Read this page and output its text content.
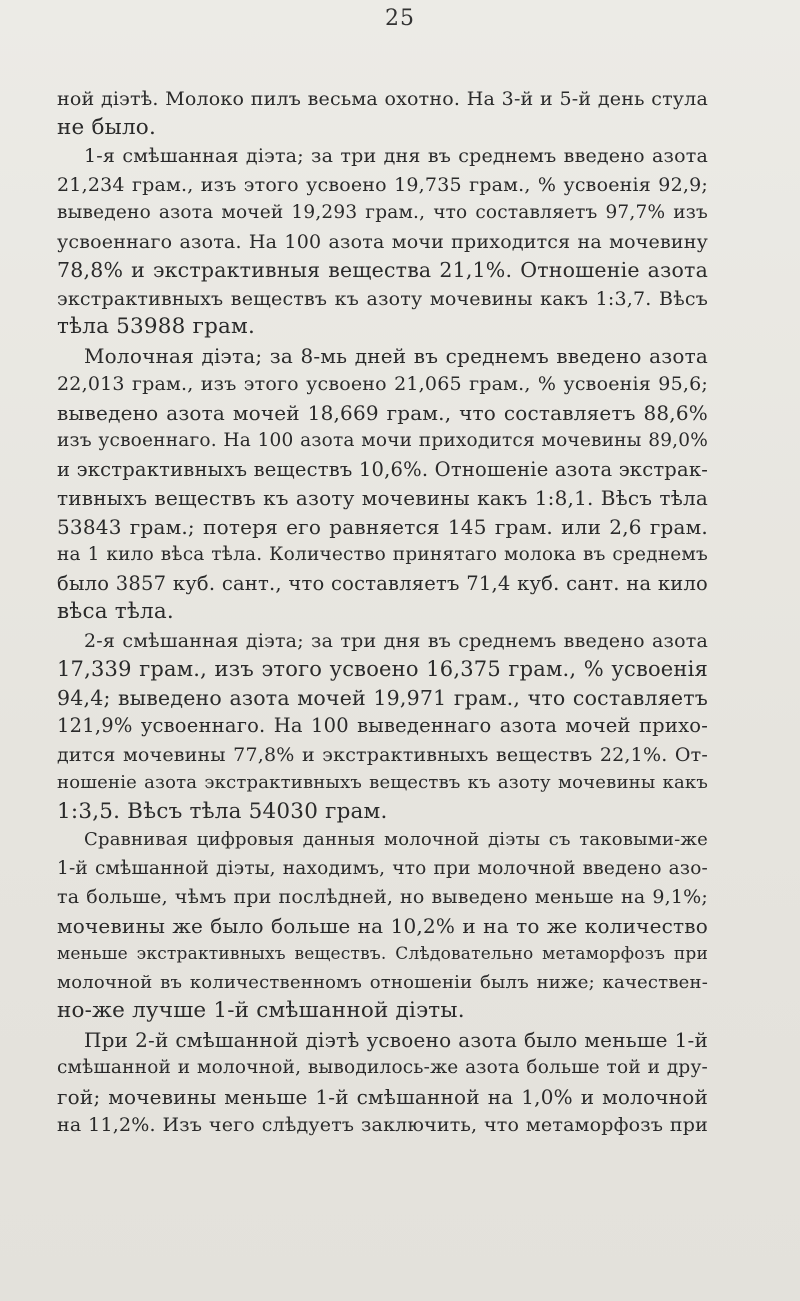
25
ной діэтѣ. Молоко пилъ весьма охотно. На 3-й и 5-й день стула
не было.
1-я смѣшанная діэта; за три дня въ среднемъ введено азота
21,234 грам., изъ этого усвоено 19,735 грам., % усвоенія 92,9;
выведено азота мочей 19,293 грам., что составляетъ 97,7% изъ
усвоеннаго азота. На 100 азота мочи приходится на мочевину
78,8% и экстрактивныя вещества 21,1%. Отношеніе азота
экстрактивныхъ веществъ къ азоту мочевины какъ 1:3,7. Вѣсъ
тѣла 53988 грам.
Молочная діэта; за 8-мь дней въ среднемъ введено азота
22,013 грам., изъ этого усвоено 21,065 грам., % усвоенія 95,6;
выведено азота мочей 18,669 грам., что составляетъ 88,6%
изъ усвоеннаго. На 100 азота мочи приходится мочевины 89,0%
и экстрактивныхъ веществъ 10,6%. Отношеніе азота экстрак-
тивныхъ веществъ къ азоту мочевины какъ 1:8,1. Вѣсъ тѣла
53843 грам.; потеря его равняется 145 грам. или 2,6 грам.
на 1 кило вѣса тѣла. Количество принятаго молока въ среднемъ
было 3857 куб. сант., что составляетъ 71,4 куб. сант. на кило
вѣса тѣла.
2-я смѣшанная діэта; за три дня въ среднемъ введено азота
17,339 грам., изъ этого усвоено 16,375 грам., % усвоенія
94,4; выведено азота мочей 19,971 грам., что составляетъ
121,9% усвоеннаго. На 100 выведеннаго азота мочей прихо-
дится мочевины 77,8% и экстрактивныхъ веществъ 22,1%. От-
ношеніе азота экстрактивныхъ веществъ къ азоту мочевины какъ
1:3,5. Вѣсъ тѣла 54030 грам.
Сравнивая цифровыя данныя молочной діэты съ таковыми-же
1-й смѣшанной діэты, находимъ, что при молочной введено азо-
та больше, чѣмъ при послѣдней, но выведено меньше на 9,1%;
мочевины же было больше на 10,2% и на то же количество
меньше экстрактивныхъ веществъ. Слѣдовательно метаморфозъ при
молочной въ количественномъ отношеніи былъ ниже; качествен-
но-же лучше 1-й смѣшанной діэты.
При 2-й смѣшанной діэтѣ усвоено азота было меньше 1-й
смѣшанной и молочной, выводилось-же азота больше той и дру-
гой; мочевины меньше 1-й смѣшанной на 1,0% и молочной
на 11,2%. Изъ чего слѣдуетъ заключить, что метаморфозъ при
